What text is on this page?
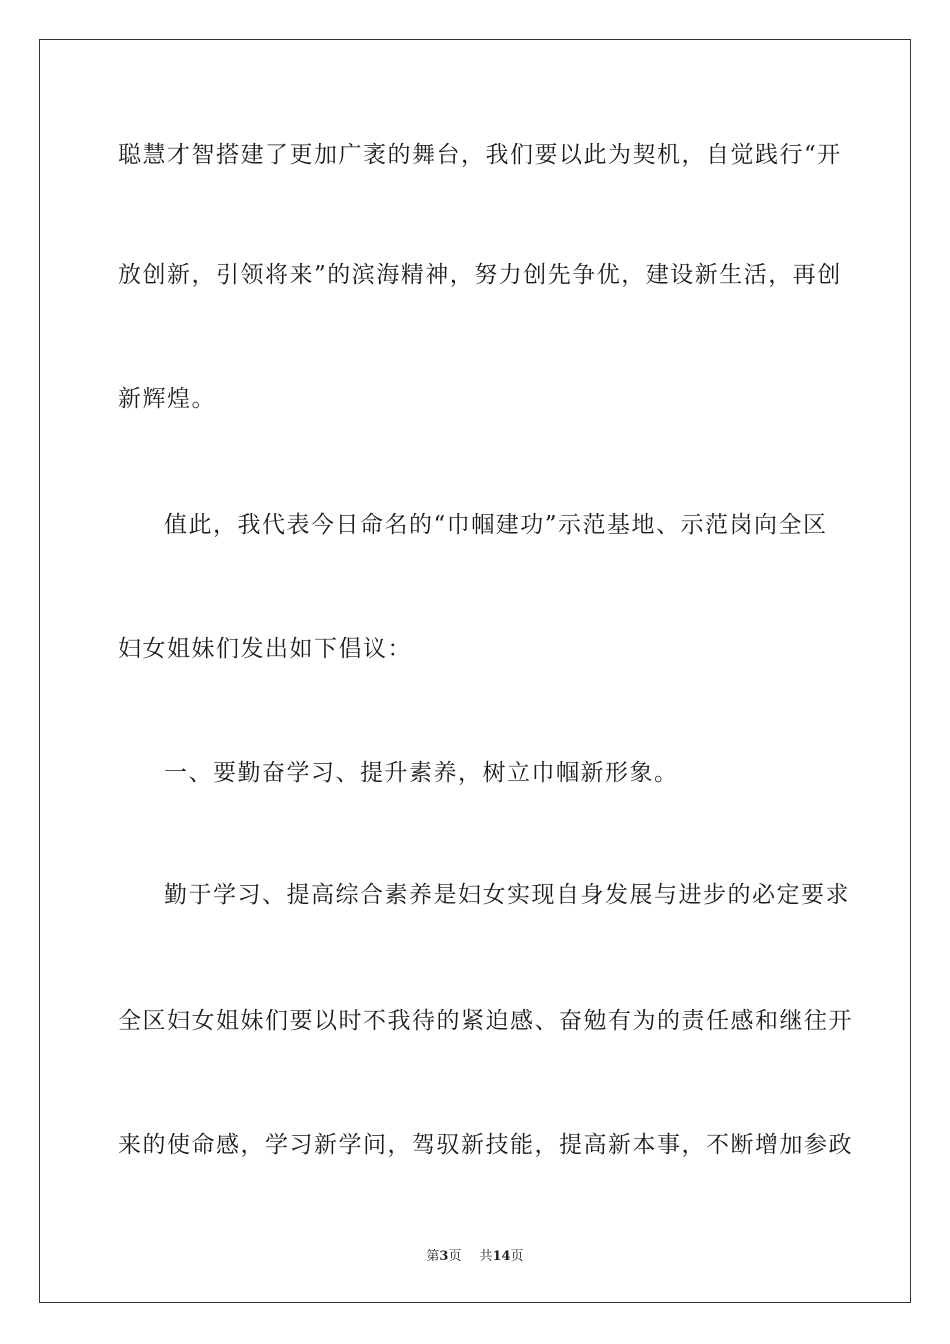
聪慧才智搭建了更加广袤的舞台，我们要以此为契机，自觉践行“开
放创新，引领将来”的滨海精神，努力创先争优，建设新生活，再创
新辉煌。
值此，我代表今日命名的“巾帼建功”示范基地、示范岗向全区
妇女姐妹们发出如下倡议：
一、要勤奋学习、提升素养，树立巾帼新形象。
勤于学习、提高综合素养是妇女实现自身发展与进步的必定要求
全区妇女姐妹们要以时不我待的紧迫感、奋勉有为的责任感和继往开
来的使命感，学习新学问，驾驭新技能，提高新本事，不断增加参政
第3页 共14页
